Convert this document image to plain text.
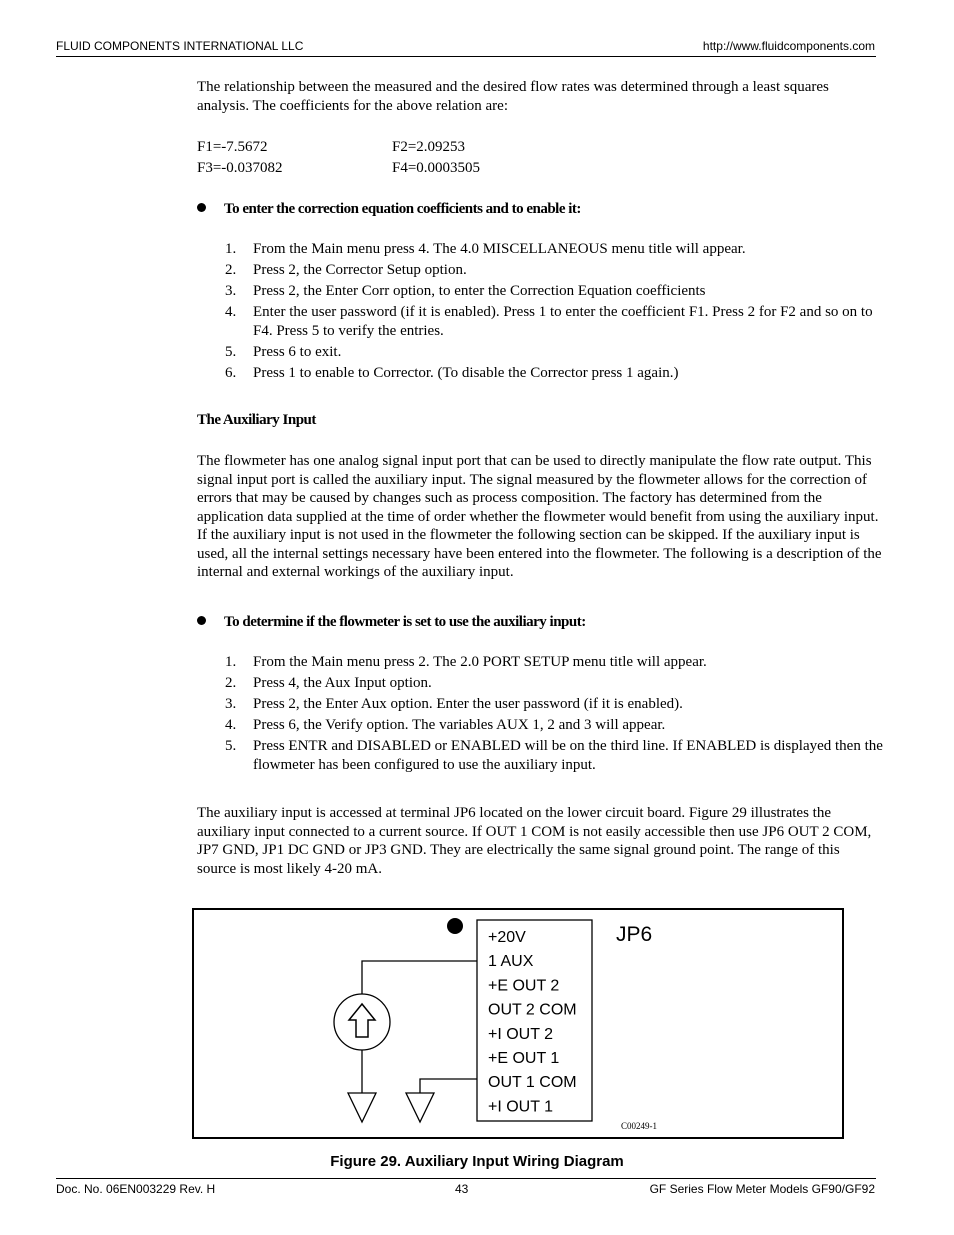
FLUID COMPONENTS INTERNATIONAL LLC	http://www.fluidcomponents.com

The relationship between the measured and the desired flow rates was determined through a least squares analysis. The coefficients for the above relation are:

F1=-7.5672	F2=2.09253
F3=-0.037082	F4=0.0003505
To enter the correction equation coefficients and to enable it:
1. From the Main menu press 4. The 4.0 MISCELLANEOUS menu title will appear.
2. Press 2, the Corrector Setup option.
3. Press 2, the Enter Corr option, to enter the Correction Equation coefficients
4. Enter the user password (if it is enabled). Press 1 to enter the coefficient F1. Press 2 for F2 and so on to F4. Press 5 to verify the entries.
5. Press 6 to exit.
6. Press 1 to enable to Corrector. (To disable the Corrector press 1 again.)
The Auxiliary Input

The flowmeter has one analog signal input port that can be used to directly manipulate the flow rate output. This signal input port is called the auxiliary input. The signal measured by the flowmeter allows for the correction of errors that may be caused by changes such as process composition. The factory has determined from the application data supplied at the time of order whether the flowmeter would benefit from using the auxiliary input. If the auxiliary input is not used in the flowmeter the following section can be skipped. If the auxiliary input is used, all the internal settings necessary have been entered into the flowmeter. The following is a description of the internal and external workings of the auxiliary input.

To determine if the flowmeter is set to use the auxiliary input:
1. From the Main menu press 2. The 2.0 PORT SETUP menu title will appear.
2. Press 4, the Aux Input option.
3. Press 2, the Enter Aux option. Enter the user password (if it is enabled).
4. Press 6, the Verify option. The variables AUX 1, 2 and 3 will appear.
5. Press ENTR and DISABLED or ENABLED will be on the third line. If ENABLED is displayed then the flowmeter has been configured to use the auxiliary input.

The auxiliary input is accessed at terminal JP6 located on the lower circuit board. Figure 29 illustrates the auxiliary input connected to a current source. If OUT 1 COM is not easily accessible then use JP6 OUT 2 COM, JP7 GND, JP1 DC GND or JP3 GND. They are electrically the same signal ground point. The range of this source is most likely 4-20 mA.

JP6
C00249-1
+20V
1 AUX
+E OUT 2
OUT 2 COM
+I OUT 2
+E OUT 1
OUT 1 COM
+I OUT 1
Figure 29. Auxiliary Input Wiring Diagram
Doc. No. 06EN003229 Rev. H	43	GF Series Flow Meter Models GF90/GF92
